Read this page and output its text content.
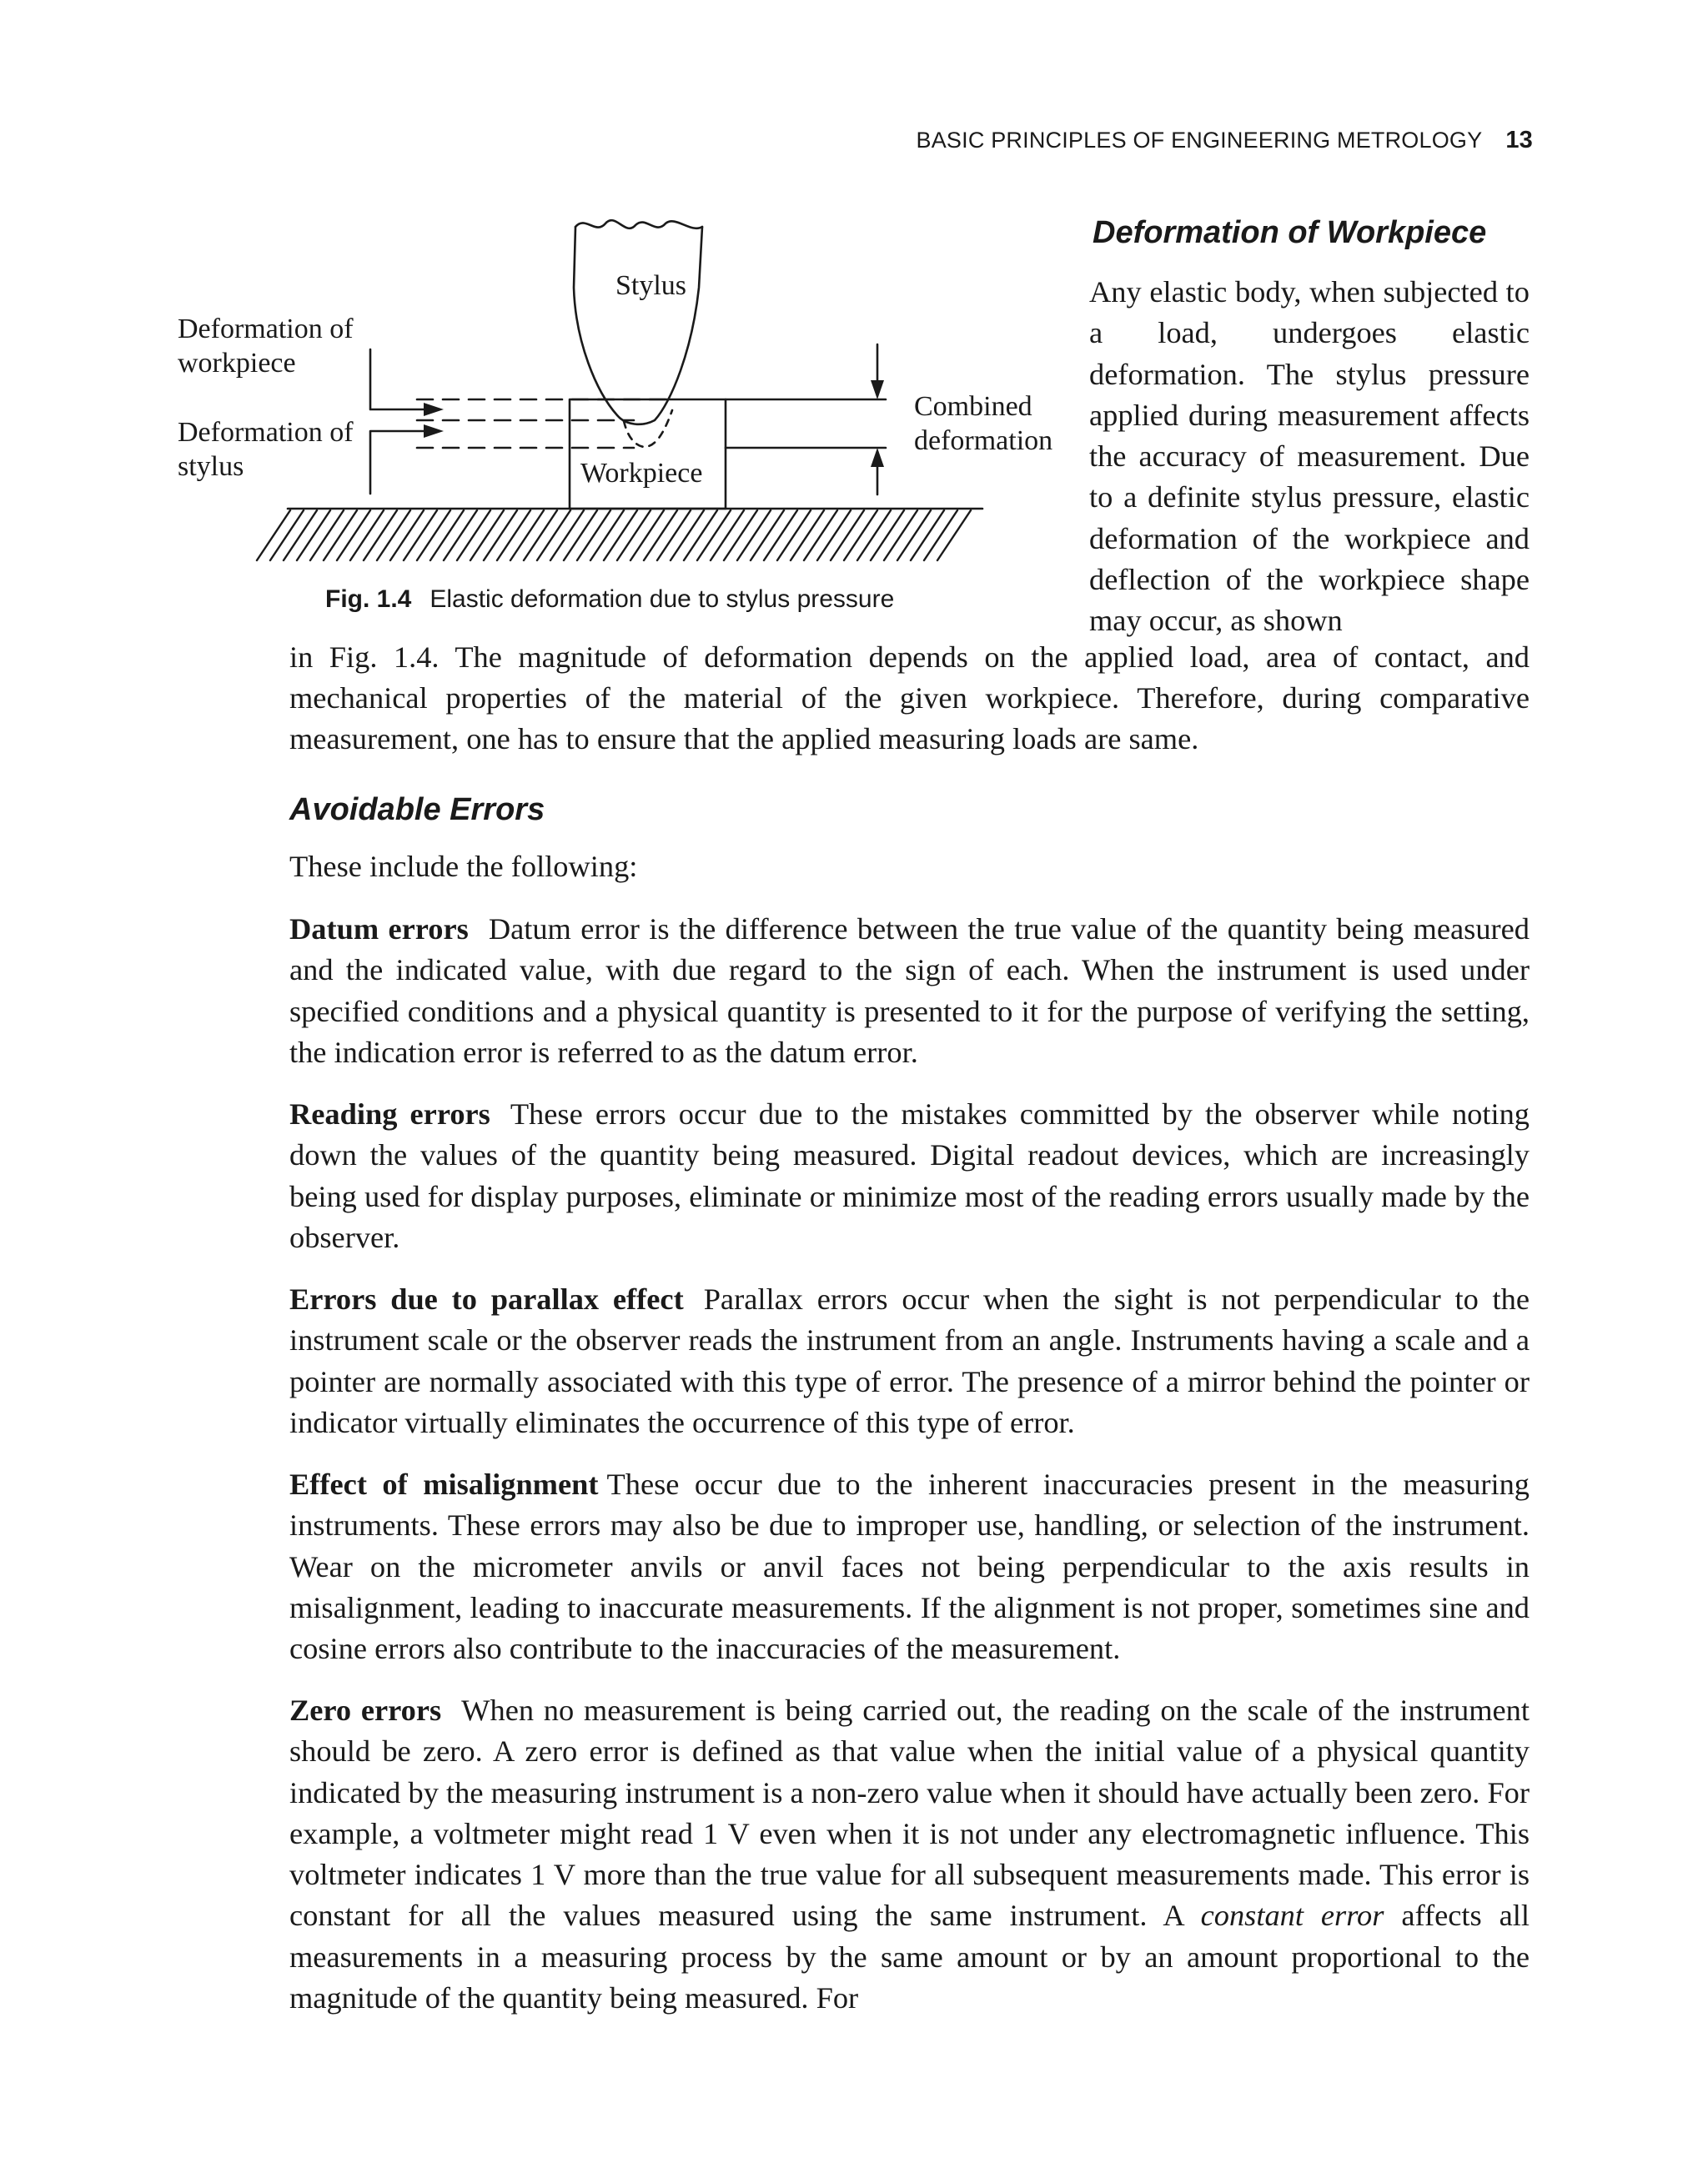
BASIC PRINCIPLES OF ENGINEERING METROLOGY 13
Stylus
Deformation of workpiece
Deformation of stylus	Workpiece
Combined deformation
Fig. 1.4 Elastic deformation due to stylus pressure
Deformation of Workpiece
Any elastic body, when subjected to a load, undergoes elastic deformation. The stylus pressure applied during measurement affects the accuracy of measurement. Due to a definite stylus pressure, elastic deformation of the workpiece and deflection of the workpiece shape may occur, as shown
in Fig. 1.4. The magnitude of deformation depends on the applied load, area of contact, and
mechanical properties of the material of the given workpiece. Therefore, during comparative
measurement, one has to ensure that the applied measuring loads are same.
Avoidable Errors
These include the following:
Datum errors Datum error is the difference between the true value of the quantity being measured and the indicated value, with due regard to the sign of each. When the instrument is used under specified conditions and a physical quantity is presented to it for the purpose of verifying the setting, the indication error is referred to as the datum error.
Reading errors These errors occur due to the mistakes committed by the observer while noting down the values of the quantity being measured. Digital readout devices, which are increasingly being used for display purposes, eliminate or minimize most of the reading errors usually made by the observer.
Errors due to parallax effect Parallax errors occur when the sight is not perpendicular to the instrument scale or the observer reads the instrument from an angle. Instruments having a scale and a pointer are normally associated with this type of error. The presence of a mirror behind the pointer or indicator virtually eliminates the occurrence of this type of error.
Effect of misalignment These occur due to the inherent inaccuracies present in the measuring instruments. These errors may also be due to improper use, handling, or selection of the instrument. Wear on the micrometer anvils or anvil faces not being perpendicular to the axis results in misalignment, leading to inaccurate measurements. If the alignment is not proper, sometimes sine and cosine errors also contribute to the inaccuracies of the measurement.
Zero errors When no measurement is being carried out, the reading on the scale of the instrument should be zero. A zero error is defined as that value when the initial value of a physical quantity indicated by the measuring instrument is a non-zero value when it should have actually been zero. For example, a voltmeter might read 1 V even when it is not under any electromagnetic influence. This voltmeter indicates 1 V more than the true value for all subsequent measurements made. This error is constant for all the values measured using the same instrument. A constant error affects all measurements in a measuring process by the same amount or by an amount proportional to the magnitude of the quantity being measured. For
